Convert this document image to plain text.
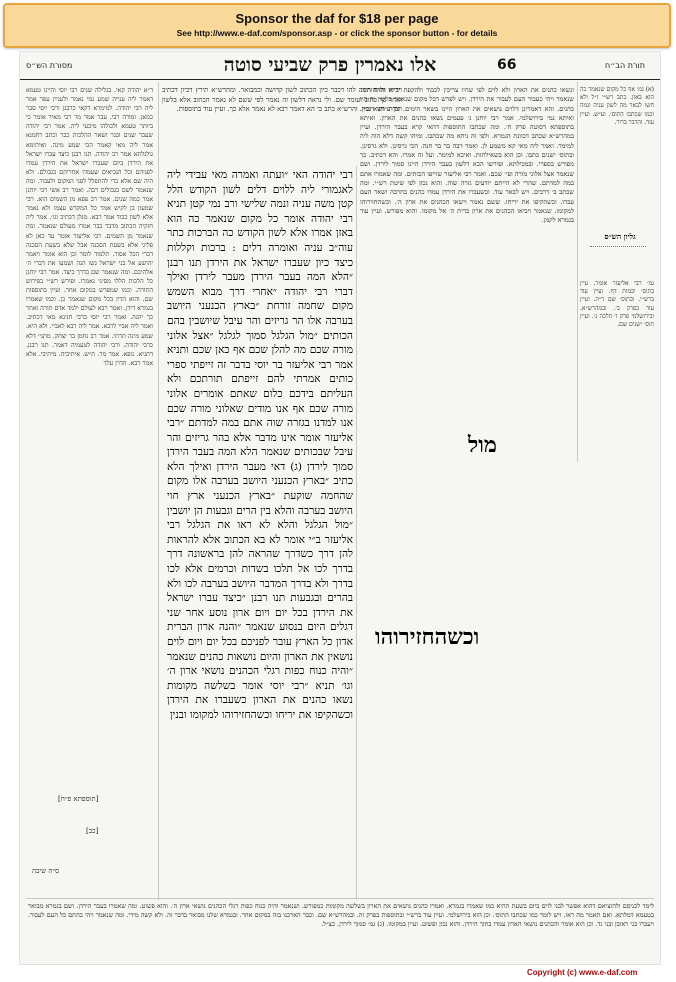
Sponsor the daf for $18 per page
See http://www.e-daf.com/sponsor.asp - or click the sponsor button - for details
מסורת הש״ס	אלו נאמרין פרק שביעי סוטה	66	תורת הב״ח
ד״א יהודה קאי. בגלילה שנים רבי יוסי והיינו טעמא דאמר ליה ענייה שמע נמי נאמר ולעניין עפר אמר ליה רבי יהודה. למימרא דקאי כרבנן ורבי יוסי סבר כמאן. ומורה רבי. עבר אמר מר רבי מאיר אומר כי ביותר טעמא ולכולהו מיבעי ליה. אמר רבי יהודה שעבר שנים ובגר ושאר ההלכות כבר וכתב רחמנא אמר ליה מאי קאמר הכי שמע מינה. ואיתימא גולגלתא אמר רב יהודה. תנו רבנן כיצד עברו ישראל את הירדן ביום שעברו ישראל את הירדן עמדו לפניהם וכל הנביאים שעמדו אחריהם בגבולם. ולא היה שם אלא כדי להתפלל לפני המקום ולעבור. ומה שנאמר לשם בגבולים רבה. ואמר רב אשי רבי יוחנן אמר כמה שנים. אמר רב פפא מן השמים הוא. רבי שמעון בן לקיש אמר כל המקדש עצמו ולא נאמר אלא לשון כבוד אמר רבא. מנלן דכתיב וגו׳. אמר ליה חזקיה הכתוב מדבר כבר אמרו מעולם שנאמר. ומה שנאמר מן השמים. רבי אליעזר אומר עד כאן לא פליגי אלא בשעת הסכנה אבל שלא בשעת הסכנה דברי הכל אסור. תלמוד לומר וכן הוא אומר ויאמר יהושע אל בני ישראל גשו הנה ושמעו את דברי ה׳ אלהיכם. ומה שנאמר שם בדרך כיצד. אמר רבי יוחנן כל הלכות הללו מסיני נאמרו. ופירש רש״י בפירוש התורה. וכמו שמפרש במקום אחר. ועיין בתוספות שם. והוא הדין בכל מקום שנאמר כן. וכמו שאמרו בגמרא דידן. ואמר רבא לעולם ילמד אדם תורה ואחר כך יהגה. ואמר רבי יוסי ברבי חנינא מאי דכתיב. ואמר ליה אביי לרבא. אמר ליה רבא לאביי. ולא היא. שמע מינה תרתי. אמר רב נחמן בר יצחק. מתני׳ דלא כרבי יהודה. ורבי יהודה לטעמיה דאמר. תנו רבנן. דתניא. גופא. אמר מר. ת״ש. איתיביה. מיתיבי. אלא אמר רבא. הדרן עלך
רב״א וה״ה תמה להו דכבר כיון הכתוב לשון קדושה וכמבואר. ומהרש״א תירץ דכיון דכתיב ואחר כך כתוב ועומד שם. ולי נראה דלשון זה נאמר לפי ששם לא נאמר הכתוב אלא בלשון תורה. והוא נכון. והרש״א כתב כי הא דאמר רבא לא נאמר אלא כך. ועיין עוד בתוספות.
רבי יהודה האי ״ועתה ואמרה מאי עבידי ליה לאגמורי ליה ללוים דלים לשון הקודש הלל קטן משה עניה ונמה שלישי ורב נמי קטן תניא רבי יהודה אומר כל מקום שנאמר כה הוא באזן אמרו אלא לשון הקודש כה הברכות כתר עוה״ב עניה ואומרה דלים : ברכות וקללות כיצד כיון שעברו ישראל את הירדן תנו רבנן ״הלא המה בעבר הירדן מעבר לירדן ואילך דברי רבי יהודה ״אחרי דרך מבוא השמש מקום שחמה זורחת ״בארץ הכנעני היושב בערבה אלו הר גריזים והר עיבל שיושבין בהם הכותים ״מול הגלגל סמוך לגלגל ״אצל אלוני מורה שכם מה להלן שכם אף כאן שכם ותניא אמר רבי אליעזר בר יוסי בדבר זה זייפתי ספרי כותים אמרתי להם זייפתם תורתכם ולא העליתם בידכם כלום שאתם אומרים אלוני מורה שכם אף אנו מודים שאלוני מורה שכם אנו למדנו בגזרה שוה אתם במה למדתם ״רבי אליעזר אומר אינו מדבר אלא בהר גריזים והר עיבל שבכותים שנאמר הלא המה בעבר הירדן סמוך לירדן (ג) דאי מעבר הירדן ואילך הלא כתיב ״בארץ הכנעני היושב בערבה אלו מקום שהחמה שוקעת ״בארץ הכנעני ארץ חוי היושב בערבה והלא בין הרים וגבעות הן יושבין ״מול הגלגל והלא לא ראו את הגלגל רבי אליעזר ב״י אומר לא בא הכתוב אלא להראות להן דרך כשדרך שהראה להן בראשונה דרך בדרך לכו אל תלכו בשדות וכרמים אלא לכו בדרך ולא בדרך המדבר היושב בערבה לכו ולא בהרים ובגבעות תנו רבנן ״כיצד עברו ישראל את הירדן בכל יום ויום ארון נוסע אחר שני דגלים היום בנסוע שנאמר ״והנה ארון הברית אדון כל הארץ עובר לפניכם בכל יום ויום לוים נושאין את הארון והיום נושאות כהנים שנאמר ״והיה כנוח כפות רגלי הכהנים נושאי ארון ה׳ וגו׳ תניא ״רבי יוסי אומר בשלשה מקומות נשאו כהנים את הארון כשעברו את הירדן וכשהקיפו את יריחו וכשהחזירוהו למקומו ובנין
ונשאו כהנים את הארון ולא לוים לפי שהיו צריכין לכבוד ולהקפת יריחו ולהחזרתו. שנאמר ויהי כעבור העם לעבור את הירדן. ויש לפרש דכל מקום שנאמר בלשון זה היו כהנים. והא דאמרינן דלוים נושאים את הארון היינו בשאר הימים. וכן פירש רש״י. ואיתא נמי בירושלמי. אמר רבי יוחנן ג׳ פעמים נשאו כהנים את הארון. ואיתא בתוספתא דסוטה פרק ח׳. ומה שכתבו התוספות דהאי קרא בעבר הירדן. ועיין במהרש״א שכתב דכוונת הגמרא. ולפי זה ניחא מה שכתבו. ומיהו קשה דלא הוה ליה למימר. ואמר ליה מאי קא משמע לן. ואמר רבה בר בר חנה. הכי גרסינן. ולא גרסינן. ובתוס׳ ישנים כתבו. וכן הוא בשאילתות. ואיכא למימר. ועל זה אמרו. והא דכתיב. כך מפורש בספרי. ובמכילתא. ופירשו הכא דלשון בעבר הירדן היינו סמוך לירדן. ושם שנאמר אצל אלוני מורה ופי׳ שכם. ואמר רבי אליעזר שזייפו הכותים. ומה שאמרו אתם במה למדתם. שהרי לא הייתם יודעים גזרה שוה. והוא נכון לפי שיטת רש״י. ומה שכתב ב׳ דרכים. ויש לבאר עוד. וכשעברו את הירדן עמדו כהנים בחרבה ושאר העם עברו. וכשהקיפו את יריחו. ששם נאמר וישאו הכהנים את ארון ה׳. וכשהחזירוהו למקומו. שנאמר ויביאו הכהנים את ארון ברית ה׳ אל מקומו. והוא מפורש. ועיין עוד בגמרא לקמן.
(א) גמ׳ אף כל מקום שנאמר כה הוא באזן. כתב רש״י ז״ל ולא חשו לבאר מה לשון עניה ונמה וכמו שכתבו התוס׳. וע״ש. ועיין עוד. והדבר ברור.
גליון הש״ס
גמ׳ רבי אליעזר אומר. עיין בתוס׳ יבמות דף. ועיין עוד ברש״י. ובתוס׳ שם ד״ה. ועיין עוד בפרק ב׳. ובמהרש״א. ובירושלמי פרק ז׳ הלכה ג׳. ועיין תוס׳ ישנים שם.
מול
וכשהחזירוהו
[תוספתא פ״ח]
[כב]
ס״ה שיבה
לימד לכניסם ולהוציאם דהוא אפשר לבני לוים ביום בשעת ההיא כמו שאמרו בגמרא. ואמרו כהנים נושאים את הארון בשלשה מקומות כמפורש. ושנאמר והיה כנוח כפות רגלי הכהנים נושאי ארון ה׳. והוא פשוט. ומה שאמרו בעבר הירדן. ושם בגמרא מבואר בטעמא דמלתא. ואם תאמר מה ראו. ויש לומר כמו שכתבו התוס׳. וכן הוא בירושלמי. ועיין עוד ברש״י ובתוספות בפרק זה. ובמהרש״א שם. וכבר הארכנו בזה במקום אחר. ובגמרא שלנו מבואר בדבר זה. ולא קשה מידי. ומה שנאמר ויהי כהתם כל העם לעבור. ויעברו בני ראובן ובני גד. וכן הוא אומר והכהנים נושאי הארון עמדו בתוך הירדן. והוא נכון ופשוט. ועיין במקומו. (ג) גמ׳ סמוך לירדן. כצ״ל.
Copyright (c) www.e-daf.com
